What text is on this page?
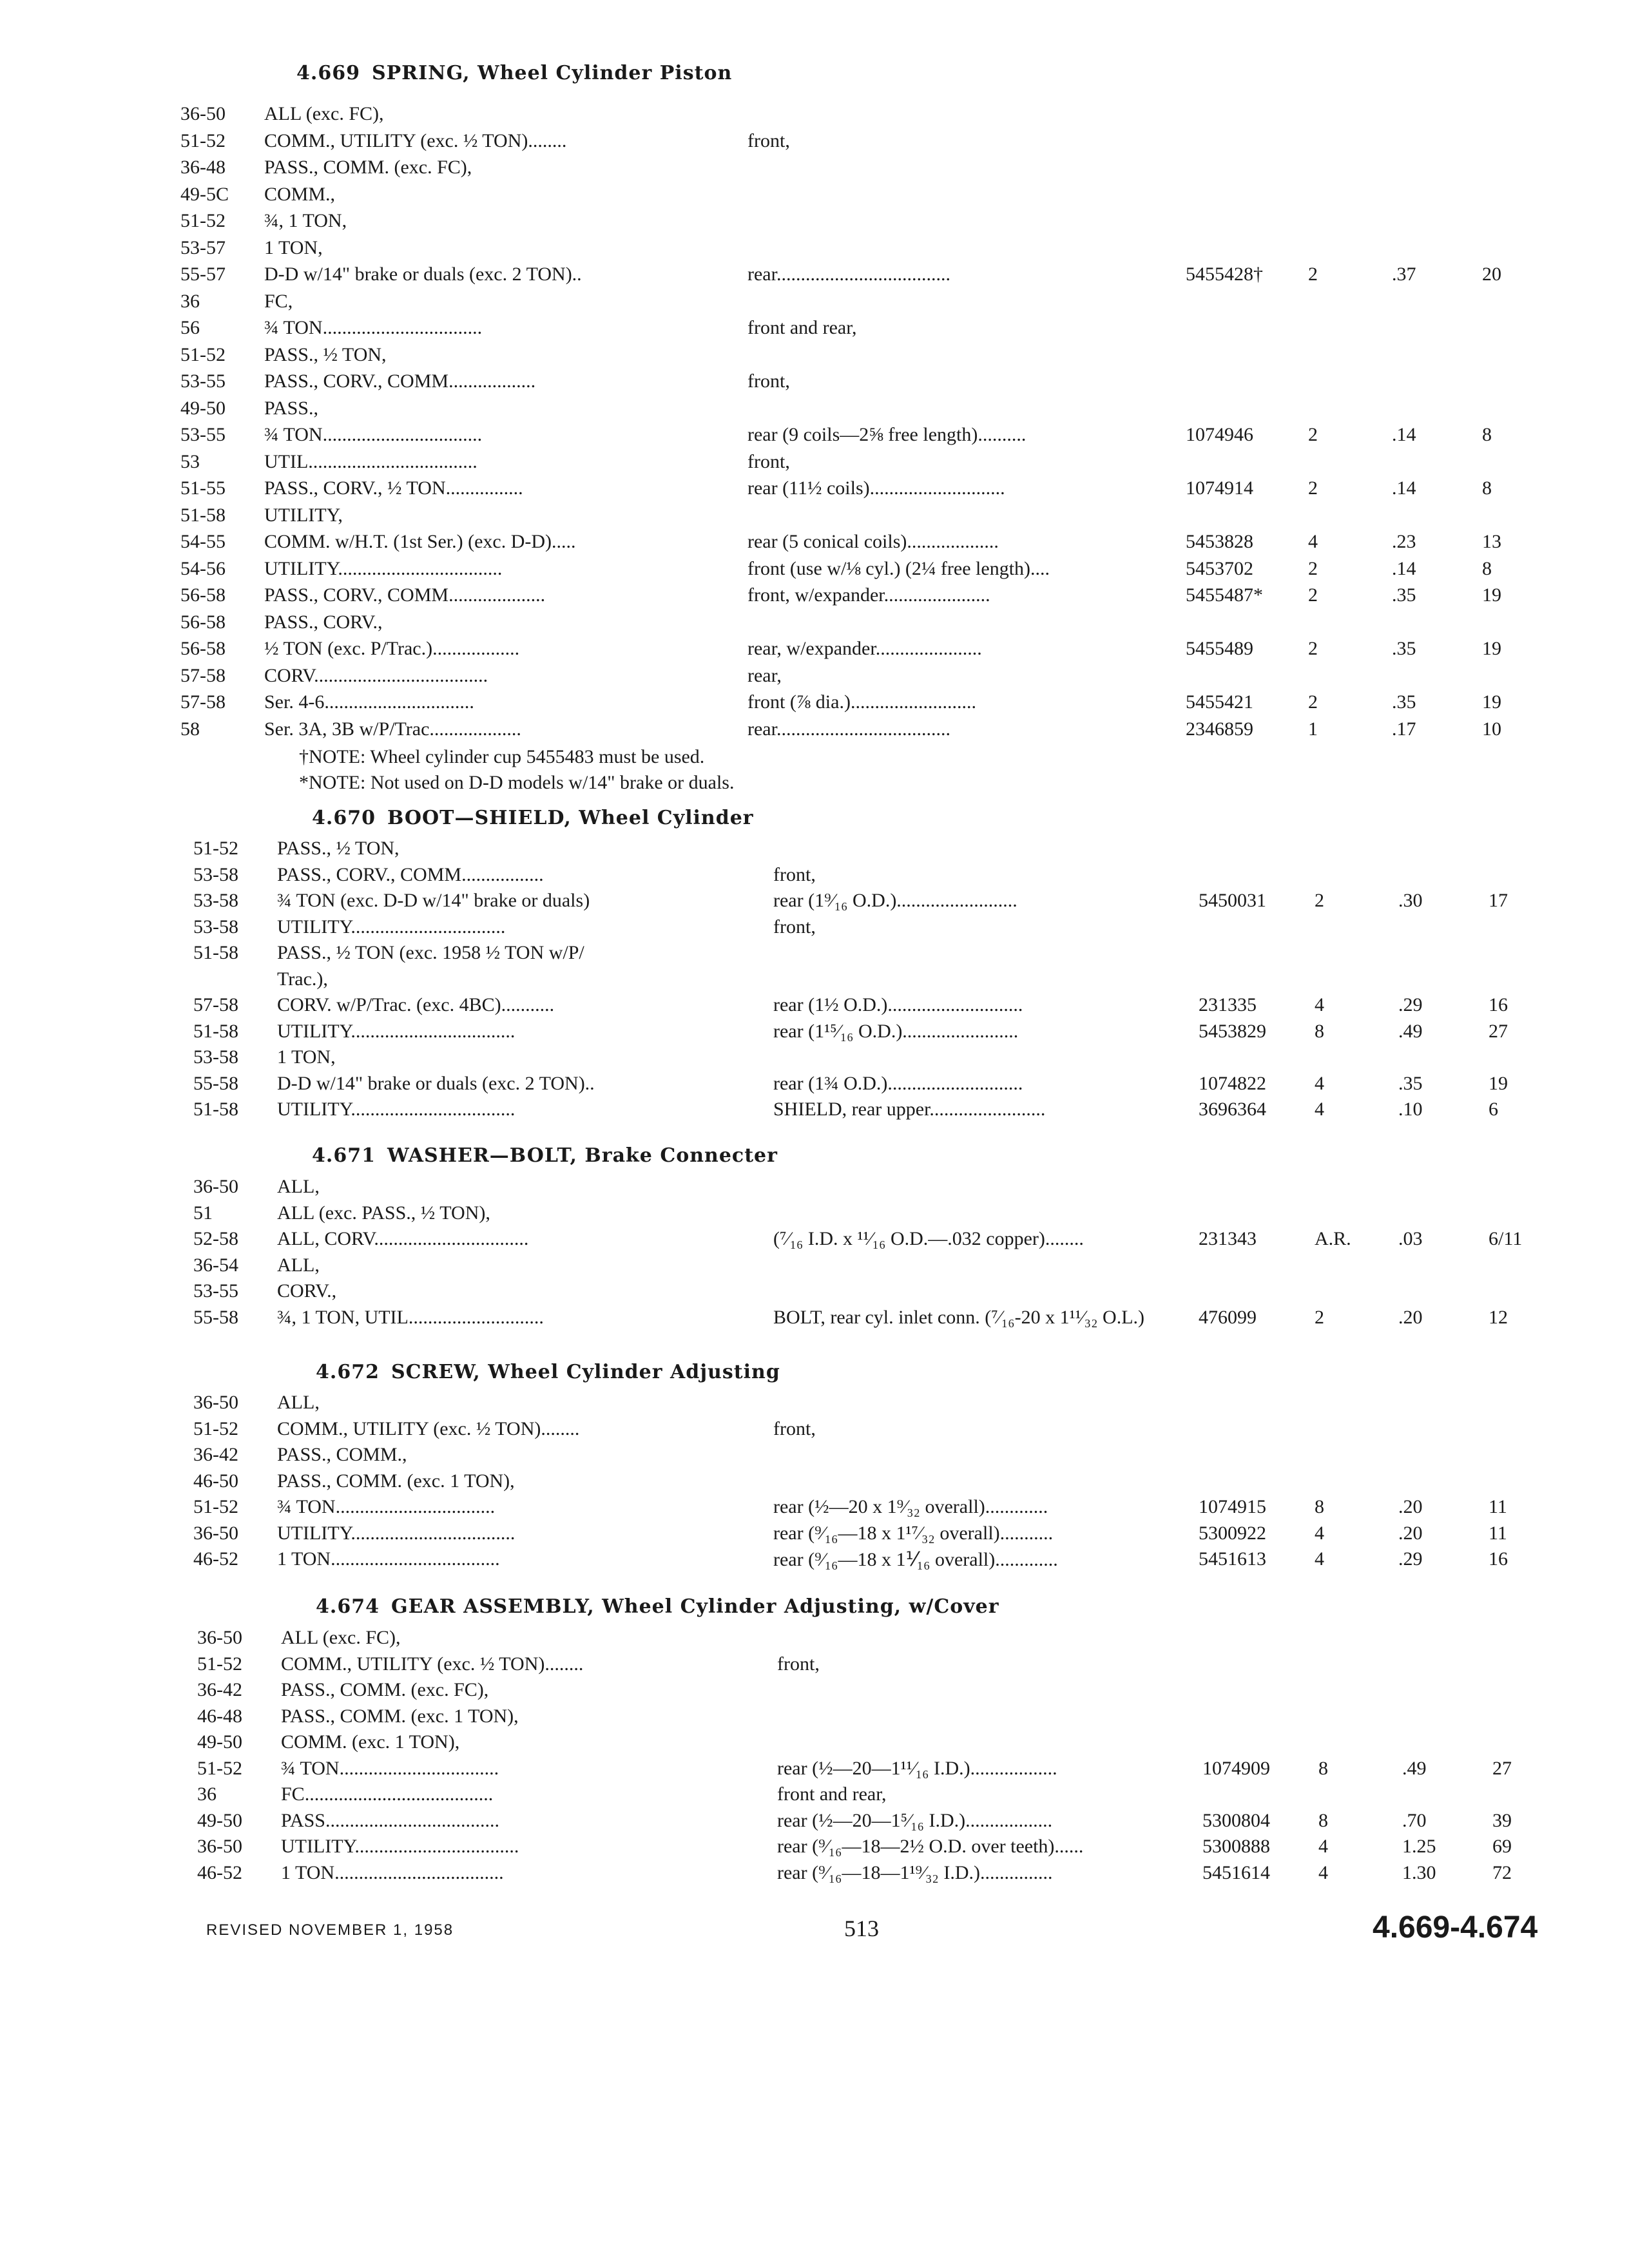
4.669 SPRING, Wheel Cylinder Piston
36-50 ALL (exc. FC),
51-52 COMM., UTILITY (exc. ½ TON)........	front,
36-48 PASS., COMM. (exc. FC),
49-5C COMM.,
51-52 ¾, 1 TON,
53-57 1 TON,
55-57 D-D w/14" brake or duals (exc. 2 TON)..	rear....................................	5455428† 2	.37	20
36	FC,
56	¾ TON.................................	front and rear,
51-52 PASS., ½ TON,
53-55 PASS., CORV., COMM..................	front,
49-50 PASS.,
53-55 ¾ TON.................................	rear (9 coils—2⅝ free length)..........	1074946	2	.14	8
53	UTIL...................................	front,
51-55 PASS., CORV., ½ TON................	rear (11½ coils)............................	1074914	2	.14	8
51-58 UTILITY,
54-55 COMM. w/H.T. (1st Ser.) (exc. D-D).....	rear (5 conical coils)...................	5453828	4	.23	13
54-56 UTILITY..................................	front (use w/⅛ cyl.) (2¼ free length)....	5453702	2	.14	8
56-58 PASS., CORV., COMM....................	front, w/expander......................	5455487* 2	.35	19
56-58 PASS., CORV.,
56-58 ½ TON (exc. P/Trac.)..................	rear, w/expander......................	5455489	2	.35	19
57-58 CORV....................................	rear,
57-58 Ser. 4-6...............................	front (⅞ dia.)..........................	5455421	2	.35	19
58	Ser. 3A, 3B w/P/Trac...................	rear....................................	2346859	1	.17	10
†NOTE: Wheel cylinder cup 5455483 must be used.
*NOTE: Not used on D-D models w/14" brake or duals.
4.670 BOOT—SHIELD, Wheel Cylinder
51-52 PASS., ½ TON,
53-58 PASS., CORV., COMM.................	front,
53-58 ¾ TON (exc. D-D w/14" brake or duals)	rear (1⁹⁄₁₆ O.D.).........................	5450031	2	.30	17
53-58 UTILITY................................	front,
51-58 PASS., ½ TON (exc. 1958 ½ TON w/P/
Trac.),
57-58 CORV. w/P/Trac. (exc. 4BC)...........	rear (1½ O.D.)............................	231335	4	.29	16
51-58 UTILITY..................................	rear (1¹⁵⁄₁₆ O.D.)........................	5453829	8	.49	27
53-58 1 TON,
55-58 D-D w/14" brake or duals (exc. 2 TON)..	rear (1¾ O.D.)............................	1074822	4	.35	19
51-58 UTILITY..................................	SHIELD, rear upper........................	3696364	4	.10	6
4.671 WASHER—BOLT, Brake Connecter
36-50 ALL,
51	ALL (exc. PASS., ½ TON),
52-58 ALL, CORV................................	(⁷⁄₁₆ I.D. x ¹¹⁄₁₆ O.D.—.032 copper)........	231343	A.R. .03	6/11
36-54 ALL,
53-55 CORV.,
55-58 ¾, 1 TON, UTIL............................	BOLT, rear cyl. inlet conn. (⁷⁄₁₆-20 x 1¹¹⁄₃₂ O.L.)	476099	2	.20	12
4.672 SCREW, Wheel Cylinder Adjusting
36-50 ALL,
51-52 COMM., UTILITY (exc. ½ TON)........	front,
36-42 PASS., COMM.,
46-50 PASS., COMM. (exc. 1 TON),
51-52 ¾ TON.................................	rear (½—20 x 1⁹⁄₃₂ overall).............	1074915	8	.20	11
36-50 UTILITY..................................	rear (⁹⁄₁₆—18 x 1¹⁷⁄₃₂ overall)...........	5300922	4	.20	11
46-52 1 TON...................................	rear (⁹⁄₁₆—18 x 1⅟₁₆ overall).............	5451613	4	.29	16
4.674 GEAR ASSEMBLY, Wheel Cylinder Adjusting, w/Cover
36-50 ALL (exc. FC),
51-52 COMM., UTILITY (exc. ½ TON)........	front,
36-42 PASS., COMM. (exc. FC),
46-48 PASS., COMM. (exc. 1 TON),
49-50 COMM. (exc. 1 TON),
51-52 ¾ TON.................................	rear (½—20—1¹¹⁄₁₆ I.D.)..................	1074909	8	.49	27
36	FC.......................................	front and rear,
49-50 PASS....................................	rear (½—20—1⁵⁄₁₆ I.D.)..................	5300804	8	.70	39
36-50 UTILITY..................................	rear (⁹⁄₁₆—18—2½ O.D. over teeth)......	5300888	4	1.25	69
46-52 1 TON...................................	rear (⁹⁄₁₆—18—1¹⁹⁄₃₂ I.D.)...............	5451614	4	1.30	72
REVISED NOVEMBER 1, 1958	513	4.669-4.674
